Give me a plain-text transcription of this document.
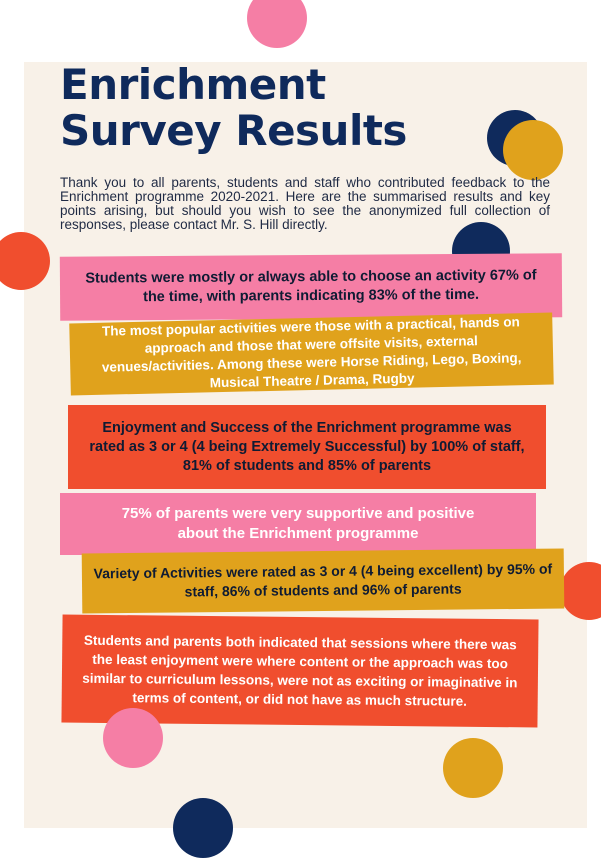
Enrichment
Survey Results

Thank you to all parents, students and staff who contributed feedback to the Enrichment programme 2020-2021. Here are the summarised results and key points arising, but should you wish to see the anonymized full collection of responses, please contact Mr. S. Hill directly.

Students were mostly or always able to choose an activity 67% of the time, with parents indicating 83% of the time.
The most popular activities were those with a practical, hands on approach and those that were offsite visits, external venues/activities. Among these were Horse Riding, Lego, Boxing, Musical Theatre / Drama, Rugby
Enjoyment and Success of the Enrichment programme was rated as 3 or 4 (4 being Extremely Successful) by 100% of staff, 81% of students and 85% of parents
75% of parents were very supportive and positive about the Enrichment programme
Variety of Activities were rated as 3 or 4 (4 being excellent) by 95% of staff, 86% of students and 96% of parents
Students and parents both indicated that sessions where there was the least enjoyment were where content or the approach was too similar to curriculum lessons, were not as exciting or imaginative in terms of content, or did not have as much structure.
